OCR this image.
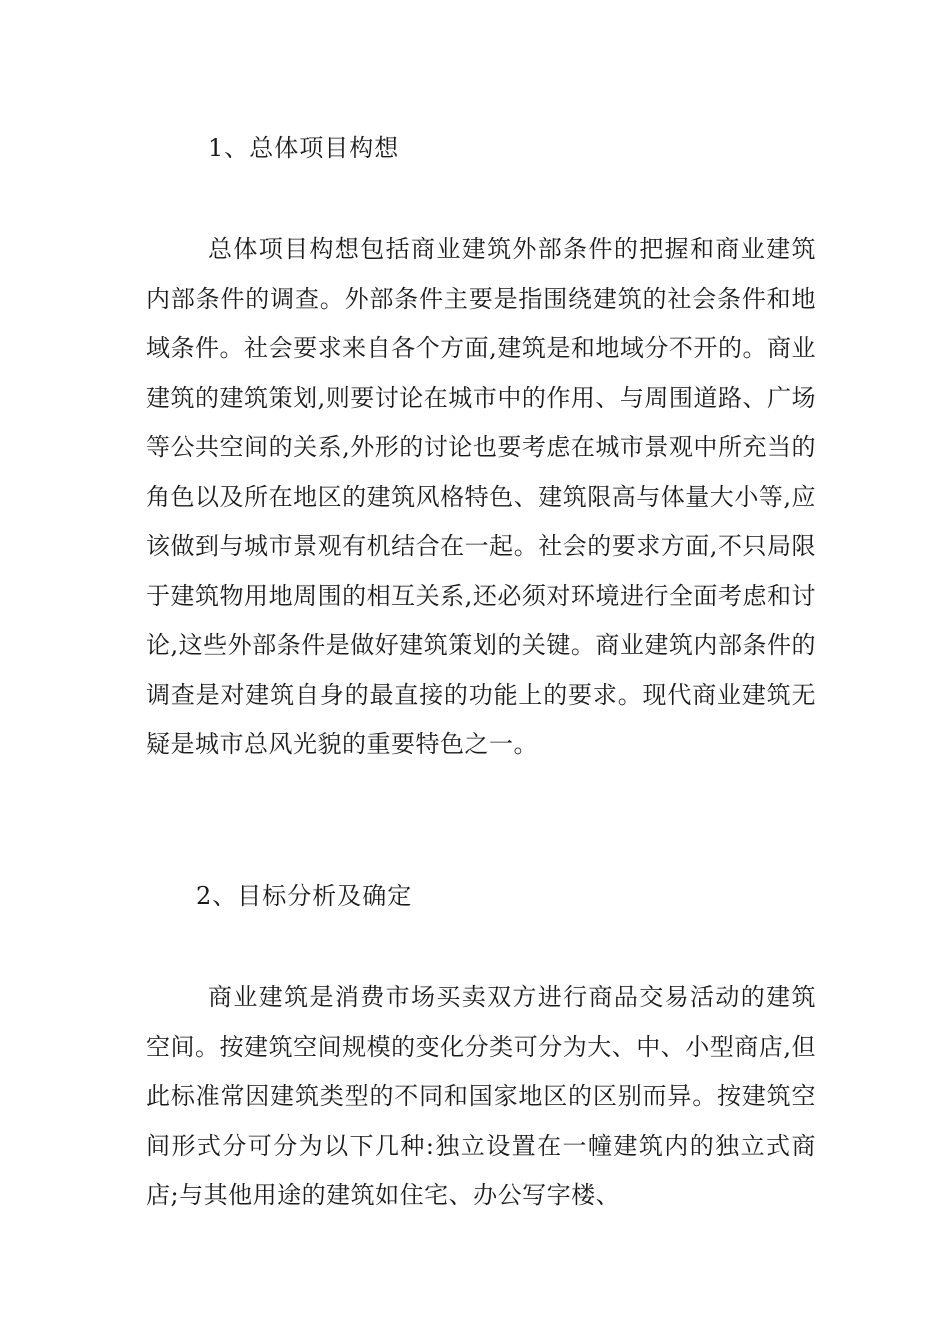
1、总体项目构想

总体项目构想包括商业建筑外部条件的把握和商业建筑内部条件的调查。外部条件主要是指围绕建筑的社会条件和地域条件。社会要求来自各个方面,建筑是和地域分不开的。商业建筑的建筑策划,则要讨论在城市中的作用、与周围道路、广场等公共空间的关系,外形的讨论也要考虑在城市景观中所充当的角色以及所在地区的建筑风格特色、建筑限高与体量大小等,应该做到与城市景观有机结合在一起。社会的要求方面,不只局限于建筑物用地周围的相互关系,还必须对环境进行全面考虑和讨论,这些外部条件是做好建筑策划的关键。商业建筑内部条件的调查是对建筑自身的最直接的功能上的要求。现代商业建筑无疑是城市总风光貌的重要特色之一。

2、目标分析及确定

商业建筑是消费市场买卖双方进行商品交易活动的建筑空间。按建筑空间规模的变化分类可分为大、中、小型商店,但此标准常因建筑类型的不同和国家地区的区别而异。按建筑空间形式分可分为以下几种:独立设置在一幢建筑内的独立式商店;与其他用途的建筑如住宅、办公写字楼、
